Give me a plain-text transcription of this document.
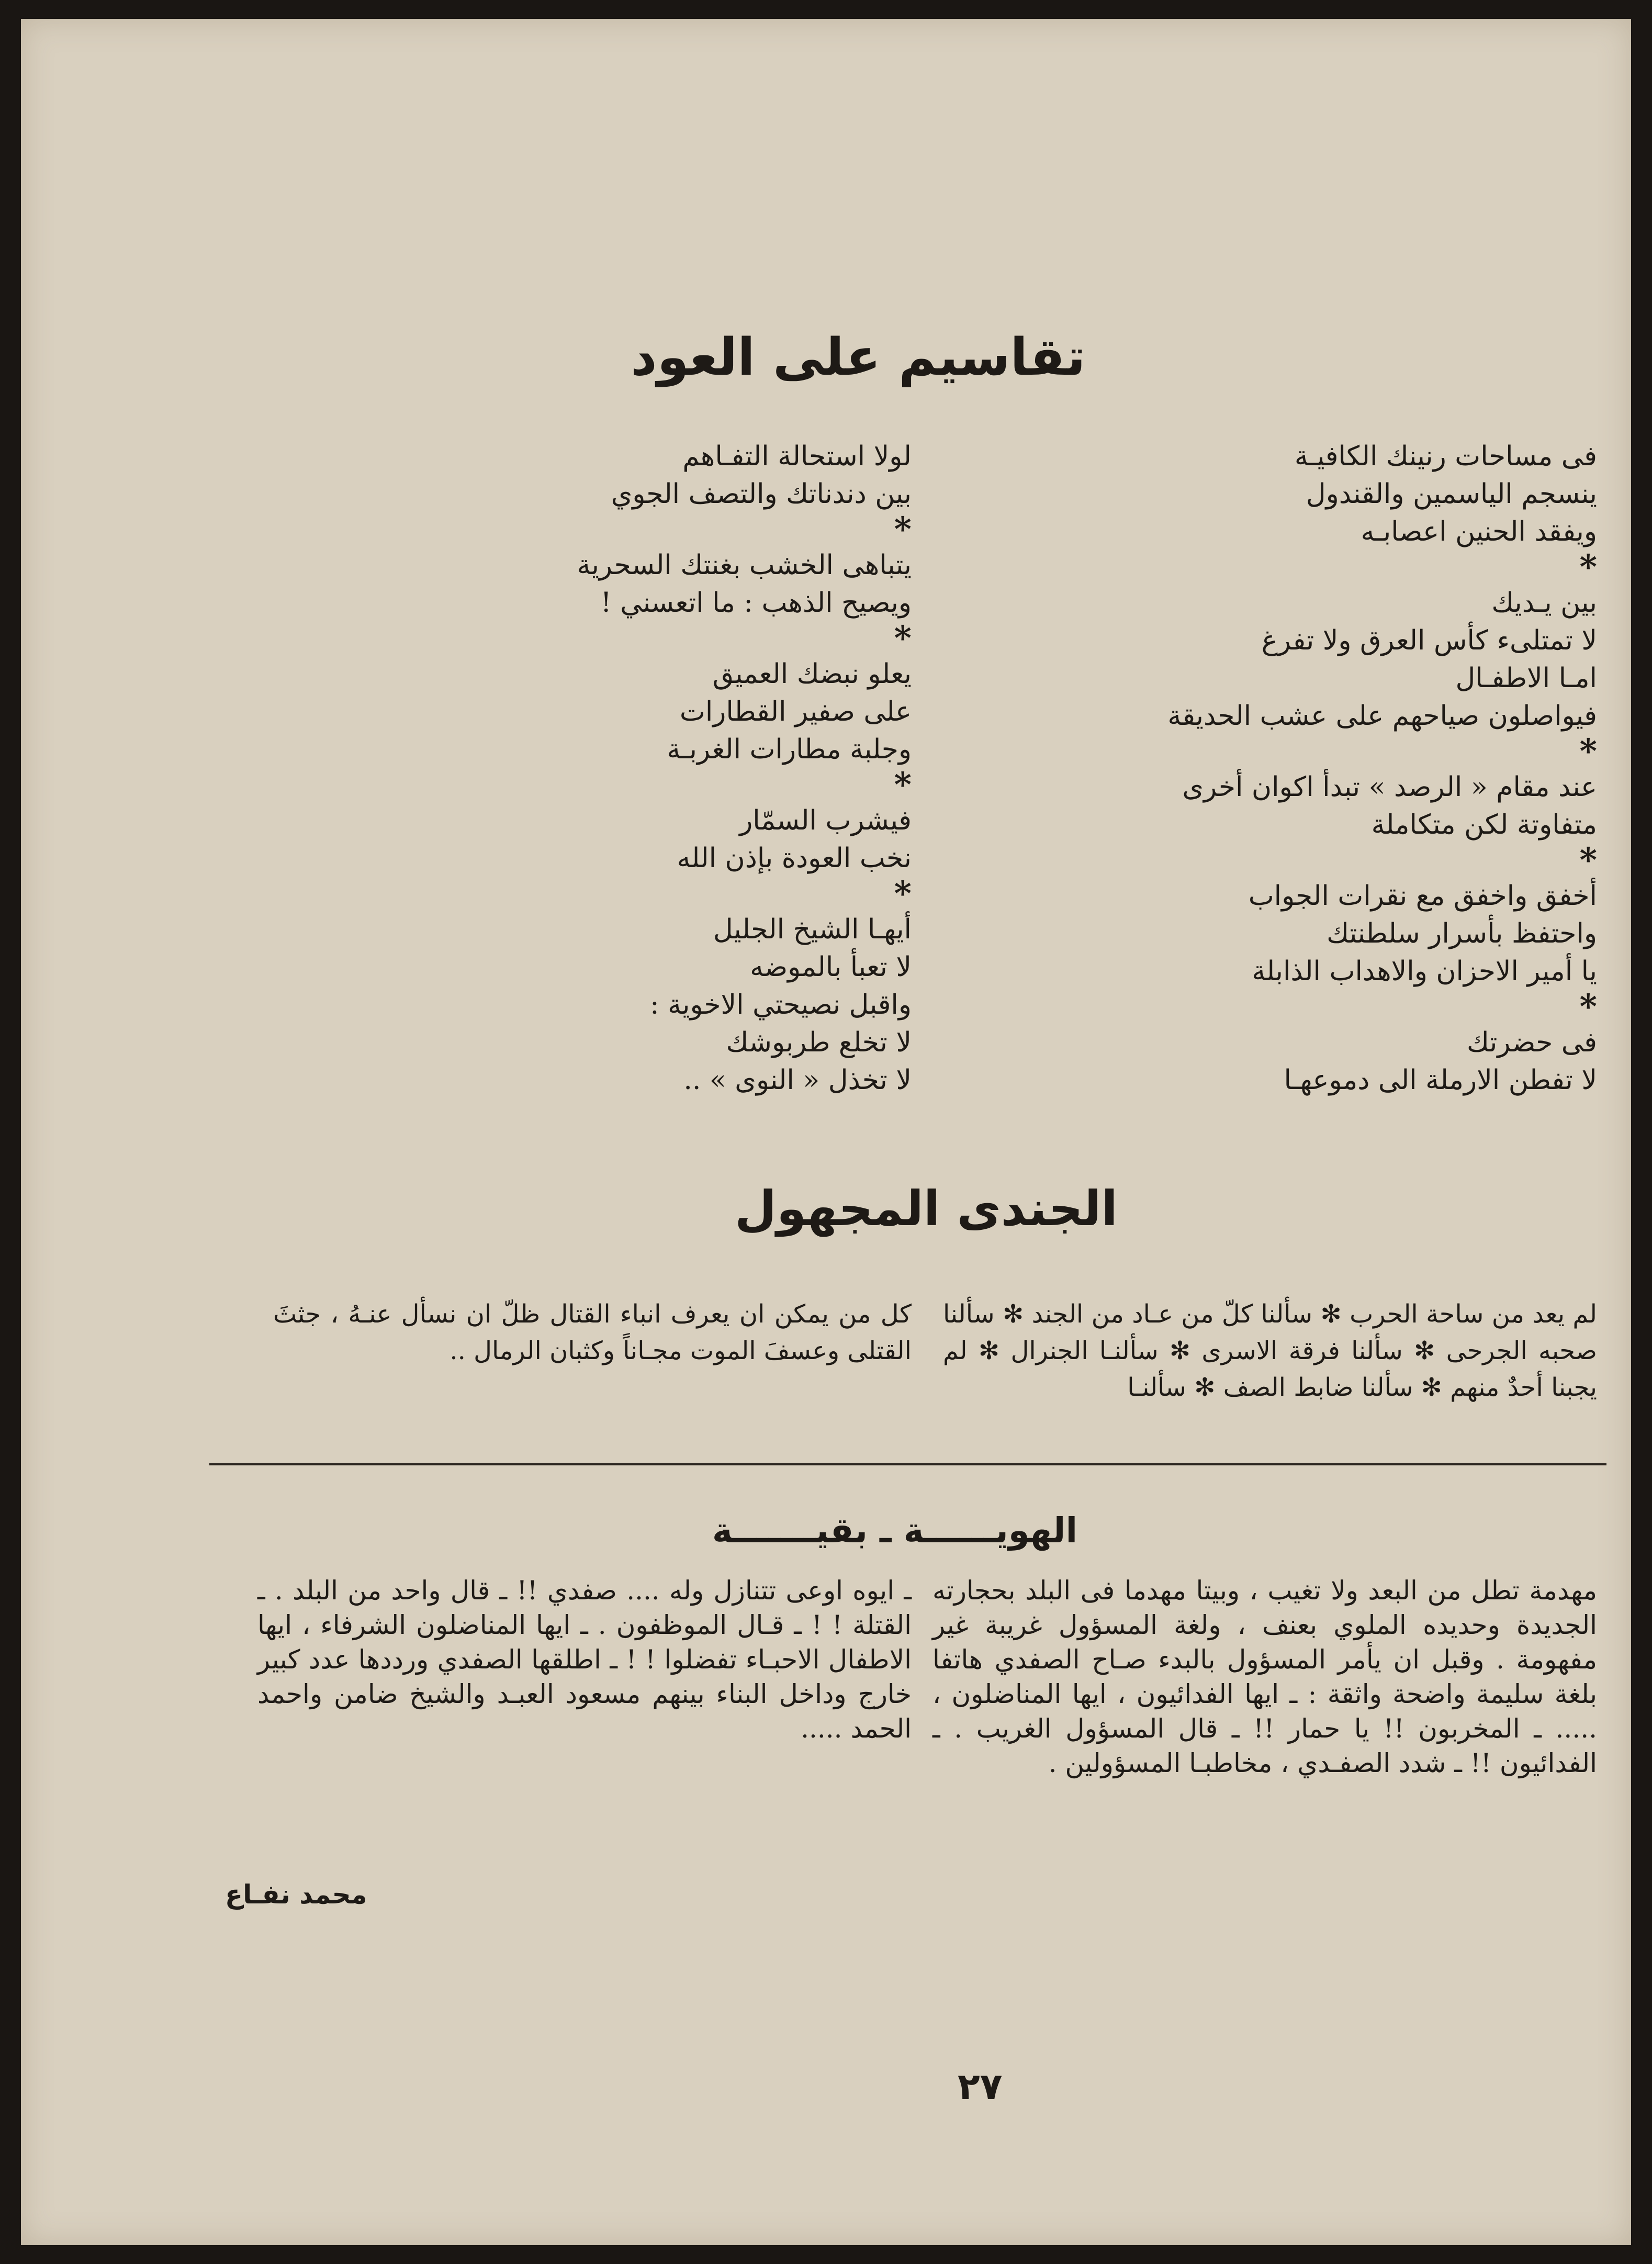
تقاسيم على العود
فى مساحات رنينك الكافيـة
ينسجم الياسمين والقندول
ويفقد الحنين اعصابـه
*
بين يـديك
لا تمتلىء كأس العرق ولا تفرغ
امـا الاطفـال
فيواصلون صياحهم على عشب الحديقة
*
عند مقام « الرصد » تبدأ اكوان أخرى
متفاوتة لكن متكاملة
*
أخفق واخفق مع نقرات الجواب
واحتفظ بأسرار سلطنتك
يا أمير الاحزان والاهداب الذابلة
*
فى حضرتك
لا تفطن الارملة الى دموعهـا
لولا استحالة التفـاهم
بين دندناتك والتصف الجوي
*
يتباهى الخشب بغنتك السحرية
ويصيح الذهب : ما اتعسني !
*
يعلو نبضك العميق
على صفير القطارات
وجلبة مطارات الغربـة
*
فيشرب السمّار
نخب العودة بإذن الله
*
أيهـا الشيخ الجليل
لا تعبأ بالموضه
واقبل نصيحتي الاخوية :
لا تخلع طربوشك
لا تخذل « النوى » ..
الجندى المجهول
لم يعد من ساحة الحرب ✻ سألنا كلّ من عـاد من الجند ✻ سألنا صحبه الجرحى ✻ سألنا فرقة الاسرى ✻ سألنـا الجنرال ✻ لم يجبنا أحدٌ منهم ✻ سألنا ضابط الصف ✻ سألنـا
كل من يمكن ان يعرف انباء القتال ظلّ ان نسأل عنـهُ ، جثثَ القتلى وعسفَ الموت مجـاناً وكثبان الرمال ..
الهويــــــة ـ بقيـــــــة
مهدمة تطل من البعد ولا تغيب ، وبيتا مهدما فى البلد بحجارته الجديدة وحديده الملوي بعنف ، ولغة المسؤول غريبة غير مفهومة . وقبل ان يأمر المسؤول بالبدء صـاح الصفدي هاتفا بلغة سليمة واضحة واثقة : ـ ايها الفدائيون ، ايها المناضلون ، ..... ـ المخربون !! يا حمار !! ـ قال المسؤول الغريب . ـ الفدائيون !! ـ شدد الصفـدي ، مخاطبـا المسؤولين .
ـ ايوه اوعى تتنازل وله .... صفدي !! ـ قال واحد من البلد . ـ القتلة ! ! ـ قـال الموظفون . ـ ايها المناضلون الشرفاء ، ايها الاطفال الاحبـاء تفضلوا ! ! ـ اطلقها الصفدي ورددها عدد كبير خارج وداخل البناء بينهم مسعود العبـد والشيخ ضامن واحمد الحمد .....
محمد نفـاع
٢٧
